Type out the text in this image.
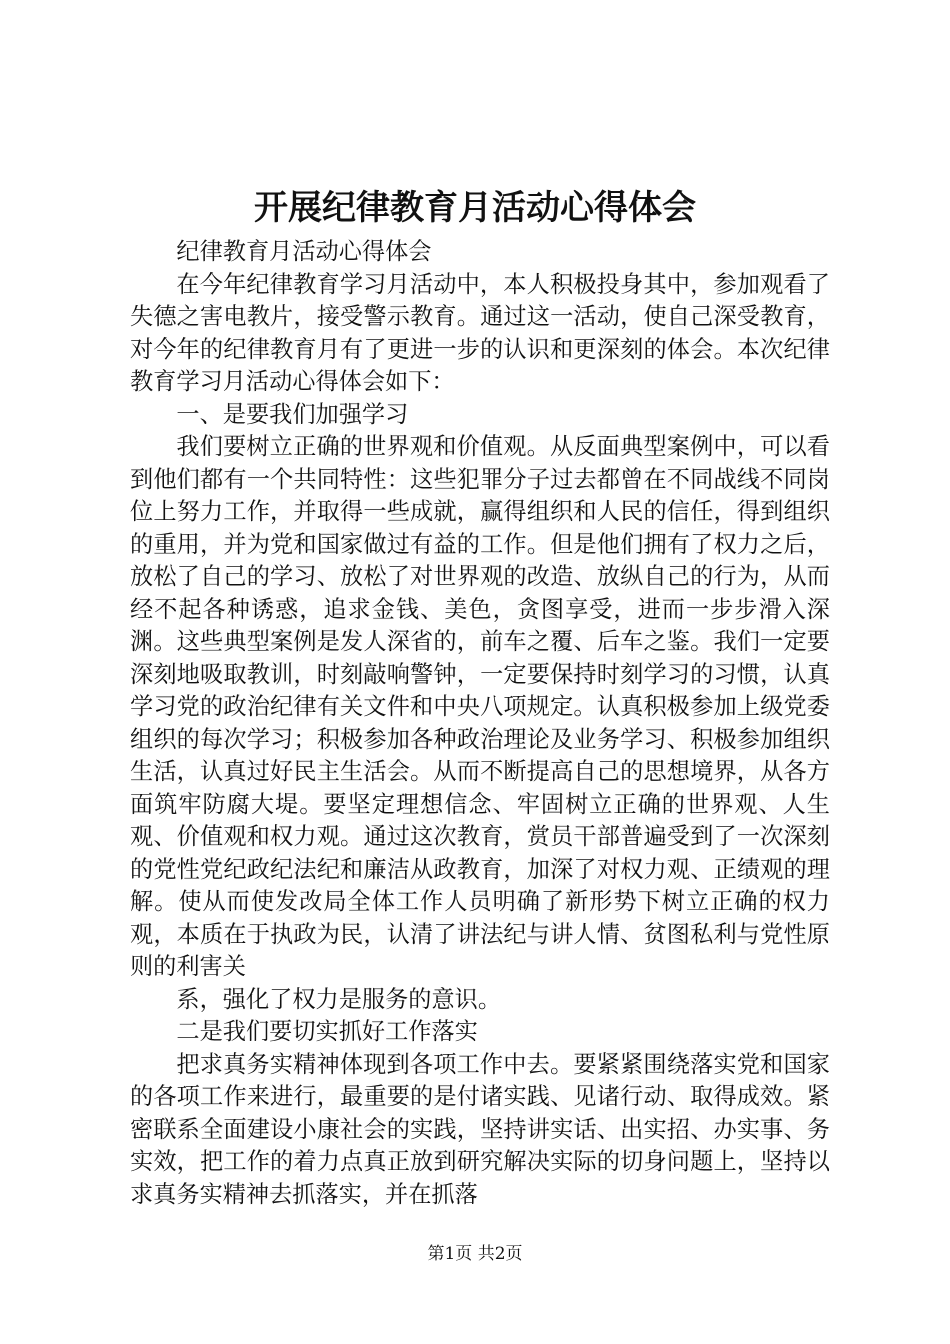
开展纪律教育月活动心得体会

纪律教育月活动心得体会

在今年纪律教育学习月活动中，本人积极投身其中，参加观看了失德之害电教片，接受警示教育。通过这一活动，使自己深受教育，对今年的纪律教育月有了更进一步的认识和更深刻的体会。本次纪律教育学习月活动心得体会如下：

一、是要我们加强学习

我们要树立正确的世界观和价值观。从反面典型案例中，可以看到他们都有一个共同特性：这些犯罪分子过去都曾在不同战线不同岗位上努力工作，并取得一些成就，赢得组织和人民的信任，得到组织的重用，并为党和国家做过有益的工作。但是他们拥有了权力之后，放松了自己的学习、放松了对世界观的改造、放纵自己的行为，从而经不起各种诱惑，追求金钱、美色，贪图享受，进而一步步滑入深渊。这些典型案例是发人深省的，前车之覆、后车之鉴。我们一定要深刻地吸取教训，时刻敲响警钟，一定要保持时刻学习的习惯，认真学习党的政治纪律有关文件和中央八项规定。认真积极参加上级党委组织的每次学习；积极参加各种政治理论及业务学习、积极参加组织生活，认真过好民主生活会。从而不断提高自己的思想境界，从各方面筑牢防腐大堤。要坚定理想信念、牢固树立正确的世界观、人生观、价值观和权力观。通过这次教育，赏员干部普遍受到了一次深刻的党性党纪政纪法纪和廉洁从政教育，加深了对权力观、正绩观的理解。使从而使发改局全体工作人员明确了新形势下树立正确的权力观，本质在于执政为民，认清了讲法纪与讲人情、贫图私利与党性原则的利害关

系，强化了权力是服务的意识。

二是我们要切实抓好工作落实

把求真务实精神体现到各项工作中去。要紧紧围绕落实党和国家的各项工作来进行，最重要的是付诸实践、见诸行动、取得成效。紧密联系全面建设小康社会的实践，坚持讲实话、出实招、办实事、务实效，把工作的着力点真正放到研究解决实际的切身问题上，坚持以求真务实精神去抓落实，并在抓落

第1页 共2页
